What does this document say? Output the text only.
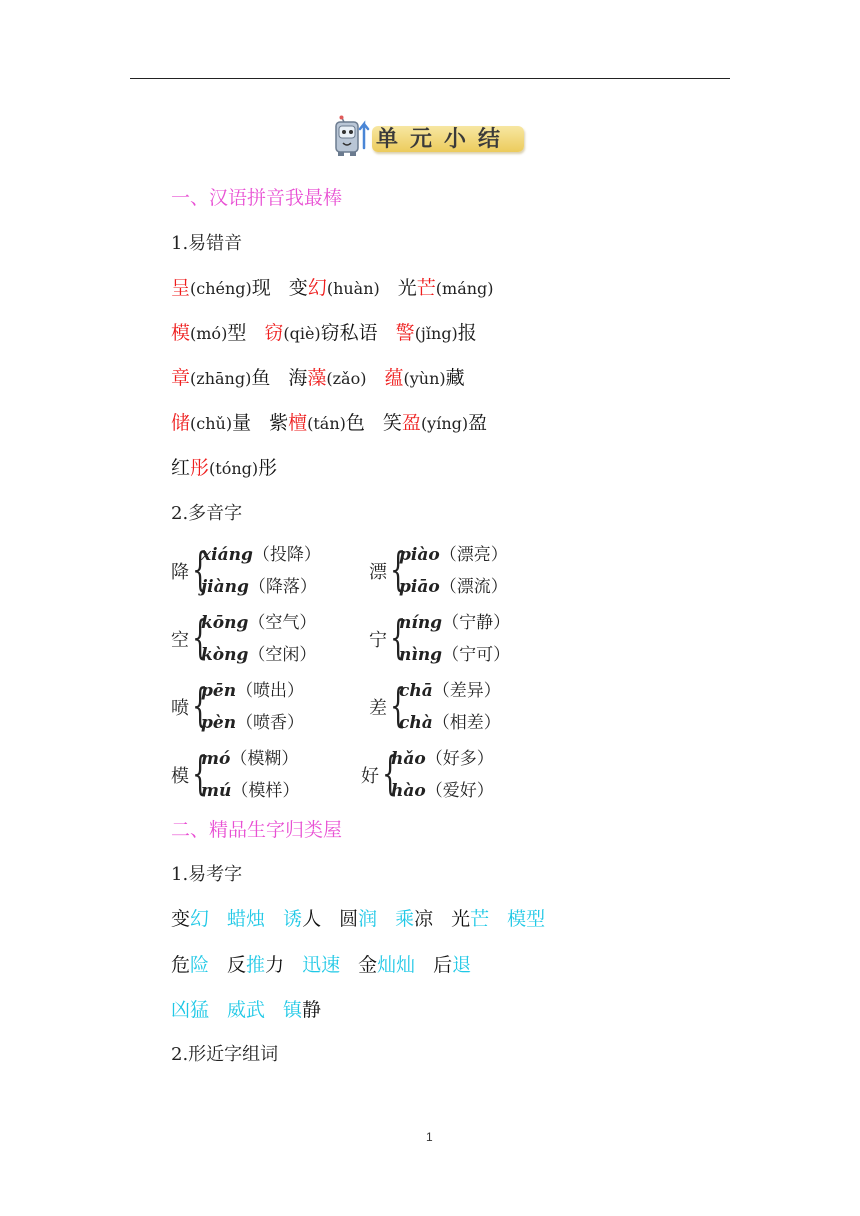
单元小结
一、汉语拼音我最棒
1.易错音
呈(chéng)现 变幻(huàn) 光芒(máng)
模(mó)型 窃(qiè)窃私语 警(jǐng)报
章(zhāng)鱼 海藻(zǎo) 蕴(yùn)藏
储(chǔ)量 紫檀(tán)色 笑盈(yíng)盈
红彤(tóng)彤
2.多音字
降 {
xiáng（投降）
jiàng（降落）
漂 {
piào（漂亮）
piāo（漂流）
空 {
kōng（空气）
kòng（空闲）
宁 {
níng（宁静）
nìng（宁可）
喷 {
pēn（喷出）
pèn（喷香）
差 {
chā（差异）
chà（相差）
模 {
mó（模糊）
mú（模样）
好 {
hǎo（好多）
hào（爱好）
二、精品生字归类屋
1.易考字
变幻 蜡烛 诱人 圆润 乘凉 光芒 模型
危险 反推力 迅速 金灿灿 后退
凶猛 威武 镇静
2.形近字组词
1
